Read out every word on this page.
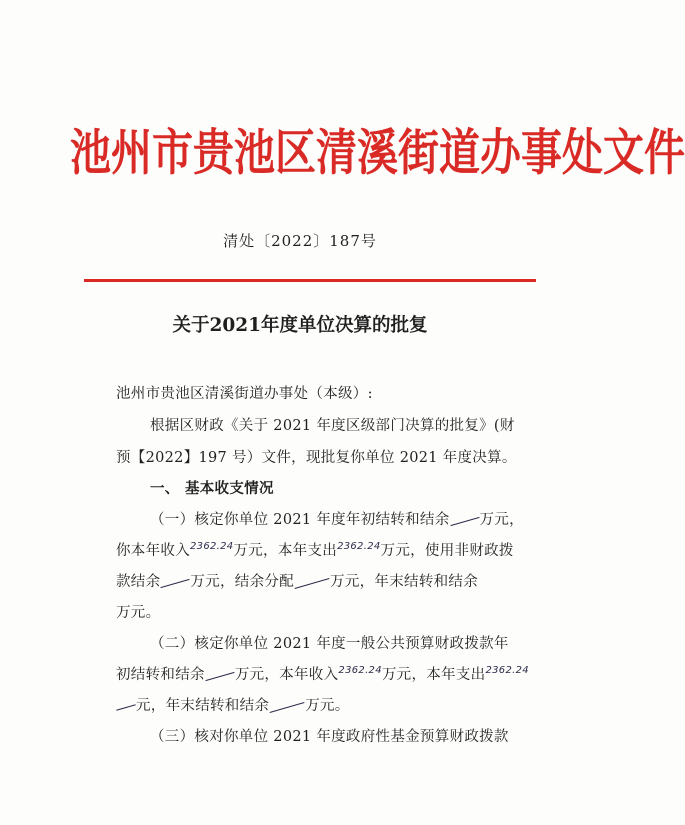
池州市贵池区清溪街道办事处文件
清处〔2022〕187号
关于2021年度单位决算的批复
池州市贵池区清溪街道办事处（本级）:
根据区财政《关于 2021 年度区级部门决算的批复》(财
预【2022】197 号）文件，现批复你单位 2021 年度决算。
一、 基本收支情况
（一）核定你单位 2021 年度年初结转和结余 万元，
你本年收入$^{2362.24}$万元，本年支出$^{2362.24}$万元，使用非财政拨
款结余 万元，结余分配 万元，年末结转和结余
万元。
（二）核定你单位 2021 年度一般公共预算财政拨款年
初结转和结余 万元，本年收入$^{2362.24}$万元，本年支出$^{2362.24}$
元，年末结转和结余 万元。
（三）核对你单位 2021 年度政府性基金预算财政拨款
